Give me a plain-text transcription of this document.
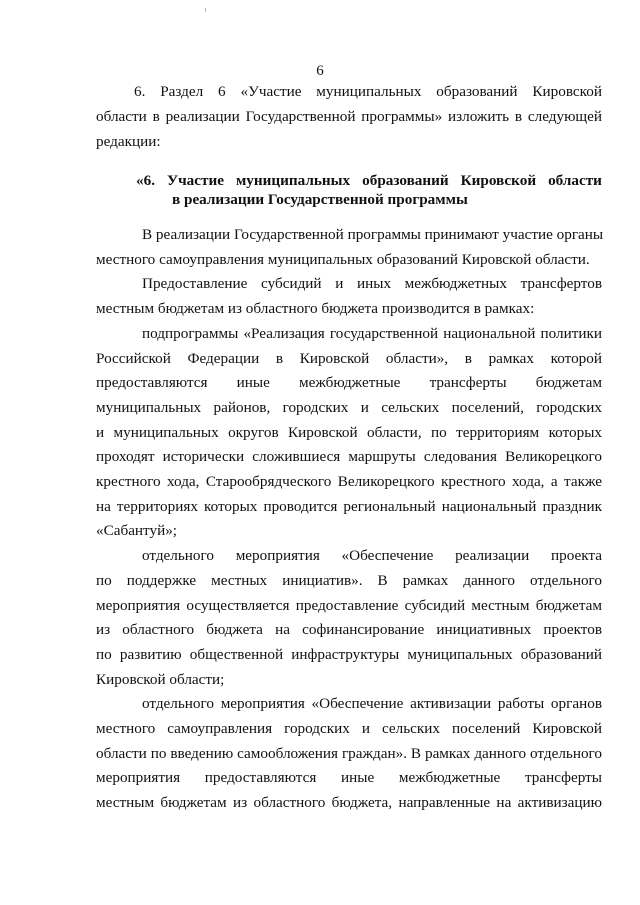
6
6. Раздел 6 «Участие муниципальных образований Кировской
области в реализации Государственной программы» изложить в следующей
редакции:
«6. Участие муниципальных образований Кировской области
в реализации Государственной программы
В реализации Государственной программы принимают участие органы
местного самоуправления муниципальных образований Кировской области.
Предоставление субсидий и иных межбюджетных трансфертов
местным бюджетам из областного бюджета производится в рамках:
подпрограммы «Реализация государственной национальной политики
Российской Федерации в Кировской области», в рамках которой
предоставляются иные межбюджетные трансферты бюджетам
муниципальных районов, городских и сельских поселений, городских
и муниципальных округов Кировской области, по территориям которых
проходят исторически сложившиеся маршруты следования Великорецкого
крестного хода, Старообрядческого Великорецкого крестного хода, а также
на территориях которых проводится региональный национальный праздник
«Сабантуй»;
отдельного мероприятия «Обеспечение реализации проекта
по поддержке местных инициатив». В рамках данного отдельного
мероприятия осуществляется предоставление субсидий местным бюджетам
из областного бюджета на софинансирование инициативных проектов
по развитию общественной инфраструктуры муниципальных образований
Кировской области;
отдельного мероприятия «Обеспечение активизации работы органов
местного самоуправления городских и сельских поселений Кировской
области по введению самообложения граждан». В рамках данного отдельного
мероприятия предоставляются иные межбюджетные трансферты
местным бюджетам из областного бюджета, направленные на активизацию
